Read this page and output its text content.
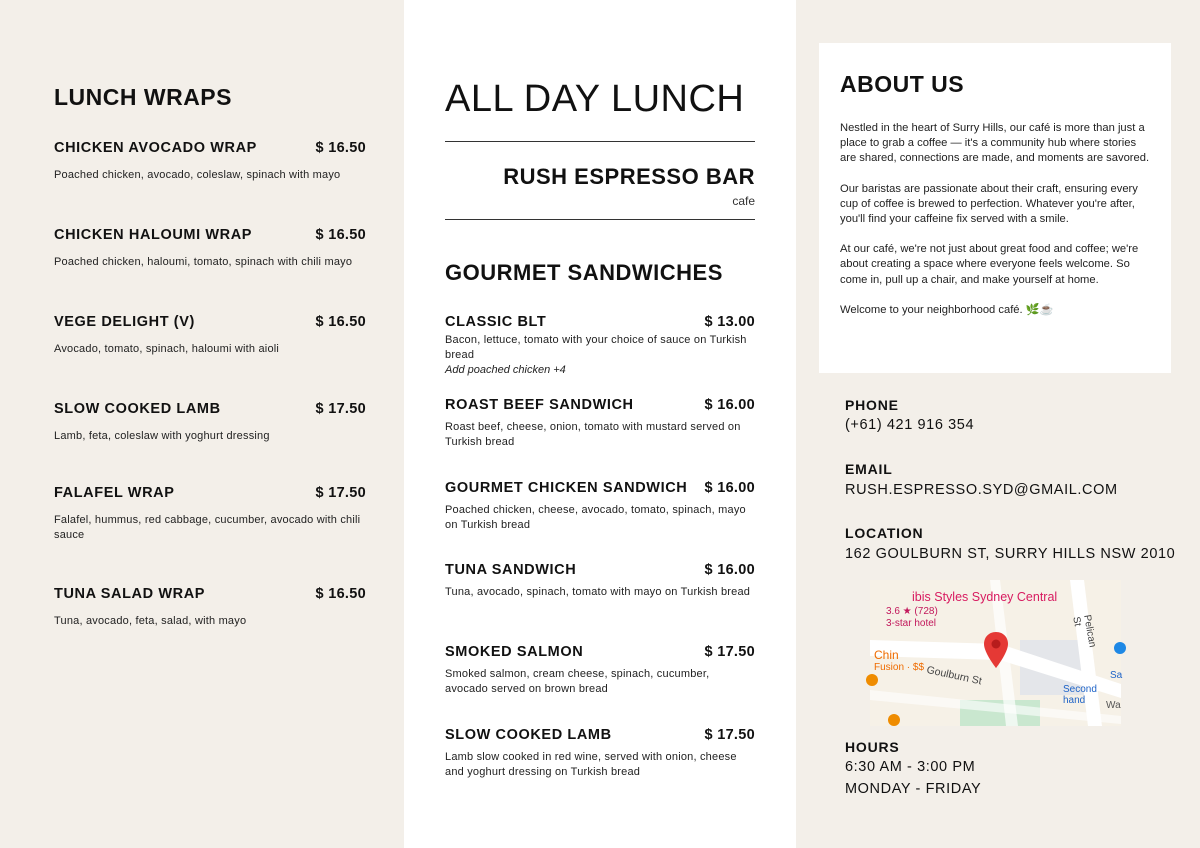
LUNCH WRAPS
CHICKEN AVOCADO WRAP	$ 16.50
Poached chicken, avocado, coleslaw, spinach with mayo
CHICKEN HALOUMI WRAP	$ 16.50
Poached chicken, haloumi, tomato, spinach with chili mayo
VEGE DELIGHT (V)	$ 16.50
Avocado, tomato, spinach, haloumi with aioli
SLOW COOKED LAMB	$ 17.50
Lamb, feta, coleslaw with yoghurt dressing
FALAFEL WRAP	$ 17.50
Falafel, hummus, red cabbage, cucumber, avocado with chili sauce
TUNA SALAD WRAP	$ 16.50
Tuna, avocado, feta, salad, with mayo
ALL DAY LUNCH
RUSH ESPRESSO BAR
cafe
GOURMET SANDWICHES
CLASSIC BLT	$ 13.00
Bacon, lettuce, tomato with your choice of sauce on Turkish bread
Add poached chicken +4
ROAST BEEF SANDWICH	$ 16.00
Roast beef, cheese, onion, tomato with mustard served on Turkish bread
GOURMET CHICKEN SANDWICH $ 16.00
Poached chicken, cheese, avocado, tomato, spinach, mayo on Turkish bread
TUNA SANDWICH	$ 16.00
Tuna, avocado, spinach, tomato with mayo on Turkish bread
SMOKED SALMON	$ 17.50
Smoked salmon, cream cheese, spinach, cucumber, avocado served on brown bread
SLOW COOKED LAMB	$ 17.50
Lamb slow cooked in red wine, served with onion, cheese and yoghurt dressing on Turkish bread
ABOUT US

Nestled in the heart of Surry Hills, our café is more than just a place to grab a coffee — it's a community hub where stories are shared, connections are made, and moments are savored.

Our baristas are passionate about their craft, ensuring every cup of coffee is brewed to perfection. Whatever you're after, you'll find your caffeine fix served with a smile.

At our café, we're not just about great food and coffee; we're about creating a space where everyone feels welcome. So come in, pull up a chair, and make yourself at home.

Welcome to your neighborhood café. 🌿☕

PHONE
(+61) 421 916 354
EMAIL
RUSH.ESPRESSO.SYD@GMAIL.COM
LOCATION
162 GOULBURN ST, SURRY HILLS NSW 2010
ibis Styles Sydney Central
3.6 ★ (728)
3-star hotel
Chin
Fusion · $$ Goulburn St
Pelican St
Second hand
Sa
Wa
HOURS
6:30 AM - 3:00 PM
MONDAY - FRIDAY
